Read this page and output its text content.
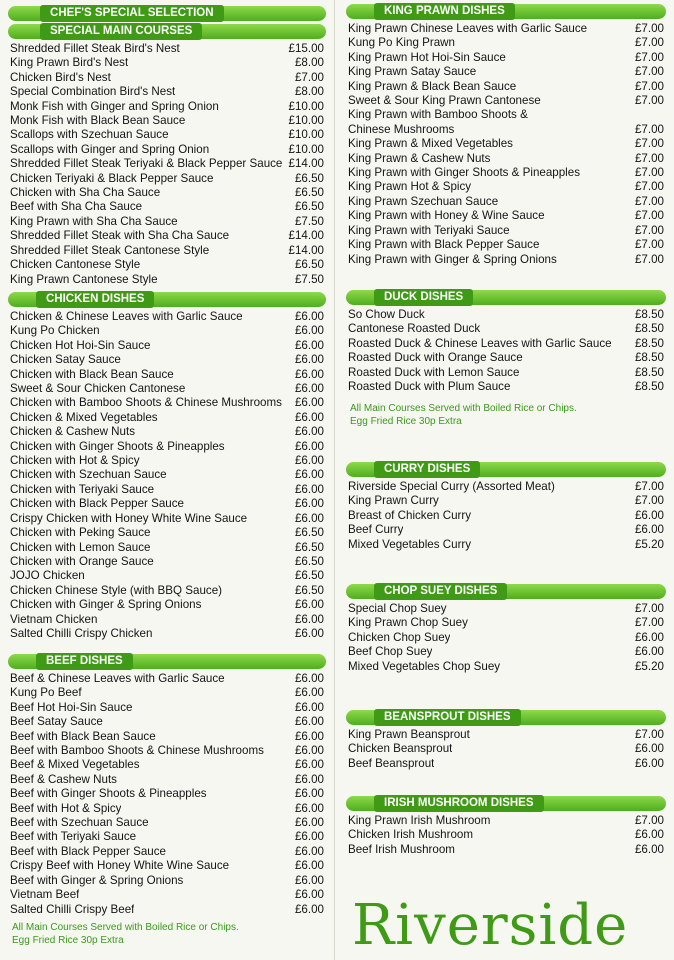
CHEF'S SPECIAL SELECTION
SPECIAL MAIN COURSES
Shredded Fillet Steak Bird's Nest	£15.00
King Prawn Bird's Nest	£8.00
Chicken Bird's Nest	£7.00
Special Combination Bird's Nest	£8.00
Monk Fish with Ginger and Spring Onion	£10.00
Monk Fish with Black Bean Sauce	£10.00
Scallops with Szechuan Sauce	£10.00
Scallops with Ginger and Spring Onion	£10.00
Shredded Fillet Steak Teriyaki & Black Pepper Sauce £14.00
Chicken Teriyaki & Black Pepper Sauce	£6.50
Chicken with Sha Cha Sauce	£6.50
Beef with Sha Cha Sauce	£6.50
King Prawn with Sha Cha Sauce	£7.50
Shredded Fillet Steak with Sha Cha Sauce	£14.00
Shredded Fillet Steak Cantonese Style	£14.00
Chicken Cantonese Style	£6.50
King Prawn Cantonese Style	£7.50
CHICKEN DISHES
Chicken & Chinese Leaves with Garlic Sauce	£6.00
Kung Po Chicken	£6.00
Chicken Hot Hoi-Sin Sauce	£6.00
Chicken Satay Sauce	£6.00
Chicken with Black Bean Sauce	£6.00
Sweet & Sour Chicken Cantonese	£6.00
Chicken with Bamboo Shoots & Chinese Mushrooms	£6.00
Chicken & Mixed Vegetables	£6.00
Chicken & Cashew Nuts	£6.00
Chicken with Ginger Shoots & Pineapples	£6.00
Chicken with Hot & Spicy	£6.00
Chicken with Szechuan Sauce	£6.00
Chicken with Teriyaki Sauce	£6.00
Chicken with Black Pepper Sauce	£6.00
Crispy Chicken with Honey White Wine Sauce	£6.00
Chicken with Peking Sauce	£6.50
Chicken with Lemon Sauce	£6.50
Chicken with Orange Sauce	£6.50
JOJO Chicken	£6.50
Chicken Chinese Style (with BBQ Sauce)	£6.50
Chicken with Ginger & Spring Onions	£6.00
Vietnam Chicken	£6.00
Salted Chilli Crispy Chicken	£6.00
BEEF DISHES
Beef & Chinese Leaves with Garlic Sauce	£6.00
Kung Po Beef	£6.00
Beef Hot Hoi-Sin Sauce	£6.00
Beef Satay Sauce	£6.00
Beef with Black Bean Sauce	£6.00
Beef with Bamboo Shoots & Chinese Mushrooms	£6.00
Beef & Mixed Vegetables	£6.00
Beef & Cashew Nuts	£6.00
Beef with Ginger Shoots & Pineapples	£6.00
Beef with Hot & Spicy	£6.00
Beef with Szechuan Sauce	£6.00
Beef with Teriyaki Sauce	£6.00
Beef with Black Pepper Sauce	£6.00
Crispy Beef with Honey White Wine Sauce	£6.00
Beef with Ginger & Spring Onions	£6.00
Vietnam Beef	£6.00
Salted Chilli Crispy Beef	£6.00
All Main Courses Served with Boiled Rice or Chips.
Egg Fried Rice 30p Extra
KING PRAWN DISHES
King Prawn Chinese Leaves with Garlic Sauce	£7.00
Kung Po King Prawn	£7.00
King Prawn Hot Hoi-Sin Sauce	£7.00
King Prawn Satay Sauce	£7.00
King Prawn & Black Bean Sauce	£7.00
Sweet & Sour King Prawn Cantonese	£7.00
King Prawn with Bamboo Shoots &
Chinese Mushrooms	£7.00
King Prawn & Mixed Vegetables	£7.00
King Prawn & Cashew Nuts	£7.00
King Prawn with Ginger Shoots & Pineapples	£7.00
King Prawn Hot & Spicy	£7.00
King Prawn Szechuan Sauce	£7.00
King Prawn with Honey & Wine Sauce	£7.00
King Prawn with Teriyaki Sauce	£7.00
King Prawn with Black Pepper Sauce	£7.00
King Prawn with Ginger & Spring Onions	£7.00
DUCK DISHES
So Chow Duck	£8.50
Cantonese Roasted Duck	£8.50
Roasted Duck & Chinese Leaves with Garlic Sauce	£8.50
Roasted Duck with Orange Sauce	£8.50
Roasted Duck with Lemon Sauce	£8.50
Roasted Duck with Plum Sauce	£8.50
All Main Courses Served with Boiled Rice or Chips.
Egg Fried Rice 30p Extra
CURRY DISHES
Riverside Special Curry (Assorted Meat)	£7.00
King Prawn Curry	£7.00
Breast of Chicken Curry	£6.00
Beef Curry	£6.00
Mixed Vegetables Curry	£5.20
CHOP SUEY DISHES
Special Chop Suey	£7.00
King Prawn Chop Suey	£7.00
Chicken Chop Suey	£6.00
Beef Chop Suey	£6.00
Mixed Vegetables Chop Suey	£5.20
BEANSPROUT DISHES
King Prawn Beansprout	£7.00
Chicken Beansprout	£6.00
Beef Beansprout	£6.00
IRISH MUSHROOM DISHES
King Prawn Irish Mushroom	£7.00
Chicken Irish Mushroom	£6.00
Beef Irish Mushroom	£6.00
Riverside
